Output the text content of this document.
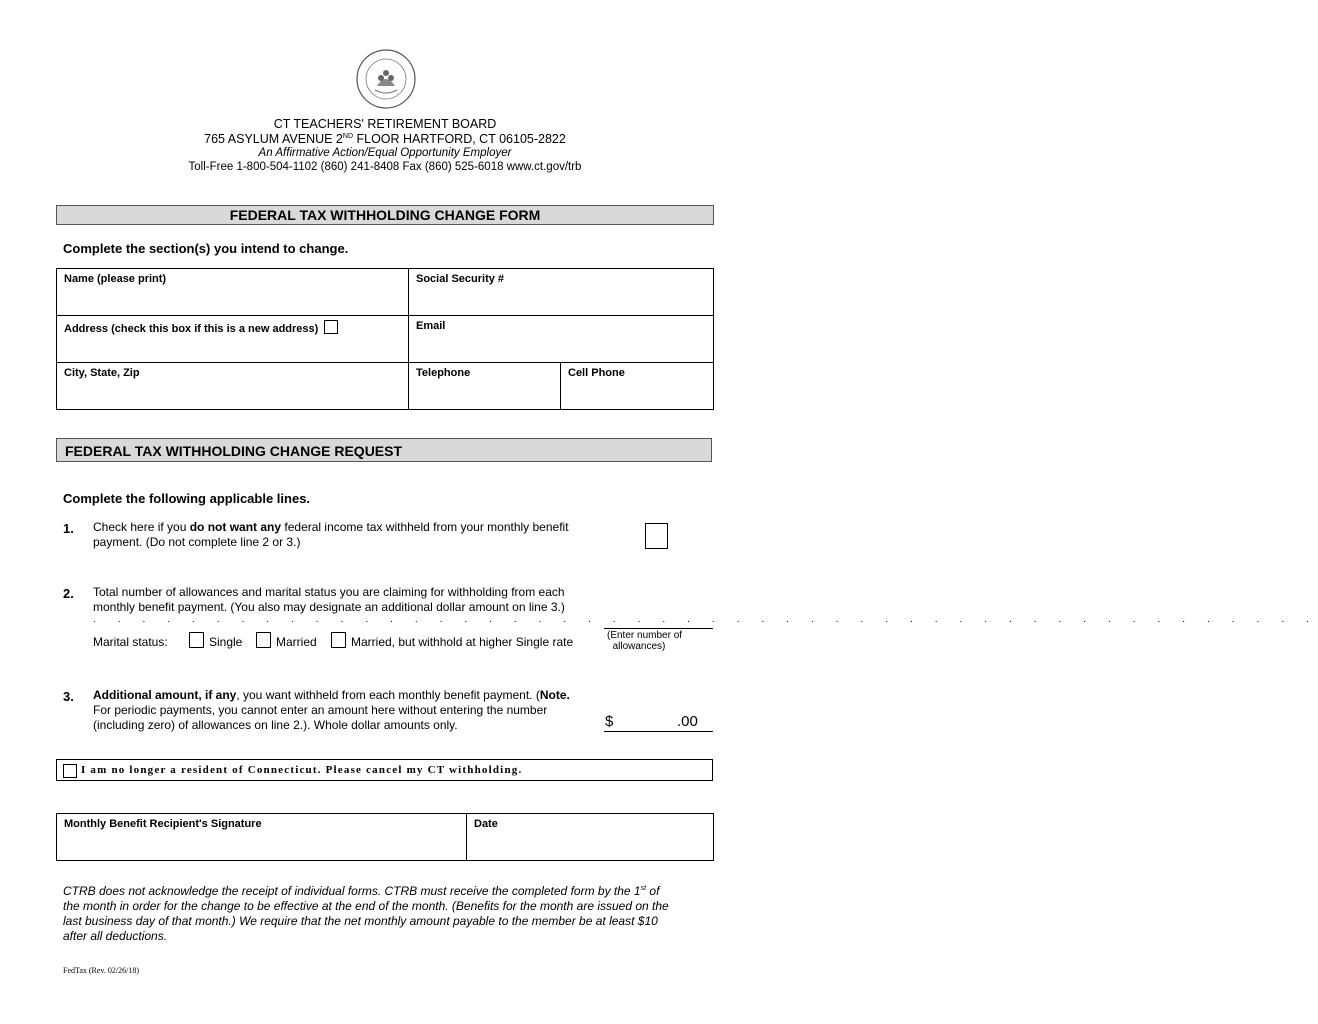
CT TEACHERS' RETIREMENT BOARD
765 ASYLUM AVENUE 2ND FLOOR HARTFORD, CT 06105-2822
An Affirmative Action/Equal Opportunity Employer
Toll-Free 1-800-504-1102 (860) 241-8408 Fax (860) 525-6018 www.ct.gov/trb
FEDERAL TAX WITHHOLDING CHANGE FORM
Complete the section(s) you intend to change.
Name (please print)	Social Security #	
Address (check this box if this is a new address)	Email	
City, State, Zip	Telephone	Cell Phone
FEDERAL TAX WITHHOLDING CHANGE REQUEST
Complete the following applicable lines.
1. Check here if you do not want any federal income tax withheld from your monthly benefit
payment. (Do not complete line 2 or 3.)
2. Total number of allowances and marital status you are claiming for withholding from each
monthly benefit payment. (You also may designate an additional dollar amount on line 3.)
. . . . . . . . . . . . . . . . . . . . . . . . . . . . . . . . . . . . . . . . . . . . . . . . . .
Marital status:	Single	Married	Married, but withhold at higher Single rate	(Enter number of
allowances)
3. Additional amount, if any, you want withheld from each monthly benefit payment. (Note.
For periodic payments, you cannot enter an amount here without entering the number
(including zero) of allowances on line 2.). Whole dollar amounts only.	$	.00
I am no longer a resident of Connecticut. Please cancel my CT withholding.
Monthly Benefit Recipient's Signature	Date
CTRB does not acknowledge the receipt of individual forms. CTRB must receive the completed form by the 1st of
the month in order for the change to be effective at the end of the month. (Benefits for the month are issued on the
last business day of that month.) We require that the net monthly amount payable to the member be at least $10
after all deductions.
FedTax (Rev. 02/26/18)
